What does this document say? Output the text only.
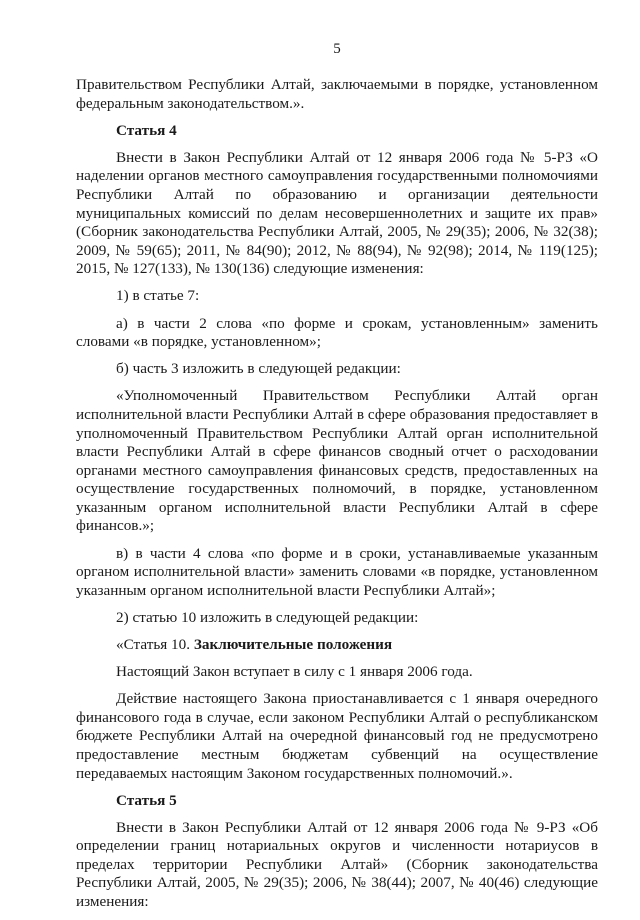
5

Правительством Республики Алтай, заключаемыми в порядке, установленном федеральным законодательством.».

Статья 4

Внести в Закон Республики Алтай от 12 января 2006 года № 5-РЗ «О наделении органов местного самоуправления государственными полномочиями Республики Алтай по образованию и организации деятельности муниципальных комиссий по делам несовершеннолетних и защите их прав» (Сборник законодательства Республики Алтай, 2005, № 29(35); 2006, № 32(38); 2009, № 59(65); 2011, № 84(90); 2012, № 88(94), № 92(98); 2014, № 119(125); 2015, № 127(133), № 130(136) следующие изменения:

1) в статье 7:

а) в части 2 слова «по форме и срокам, установленным» заменить словами «в порядке, установленном»;

б) часть 3 изложить в следующей редакции:

«Уполномоченный Правительством Республики Алтай орган исполнительной власти Республики Алтай в сфере образования предоставляет в уполномоченный Правительством Республики Алтай орган исполнительной власти Республики Алтай в сфере финансов сводный отчет о расходовании органами местного самоуправления финансовых средств, предоставленных на осуществление государственных полномочий, в порядке, установленном указанным органом исполнительной власти Республики Алтай в сфере финансов.»;

в) в части 4 слова «по форме и в сроки, устанавливаемые указанным органом исполнительной власти» заменить словами «в порядке, установленном указанным органом исполнительной власти Республики Алтай»;

2) статью 10 изложить в следующей редакции:

«Статья 10. Заключительные положения

Настоящий Закон вступает в силу с 1 января 2006 года.

Действие настоящего Закона приостанавливается с 1 января очередного финансового года в случае, если законом Республики Алтай о республиканском бюджете Республики Алтай на очередной финансовый год не предусмотрено предоставление местным бюджетам субвенций на осуществление передаваемых настоящим Законом государственных полномочий.».

Статья 5

Внести в Закон Республики Алтай от 12 января 2006 года № 9-РЗ «Об определении границ нотариальных округов и численности нотариусов в пределах территории Республики Алтай» (Сборник законодательства Республики Алтай, 2005, № 29(35); 2006, № 38(44); 2007, № 40(46) следующие изменения:
